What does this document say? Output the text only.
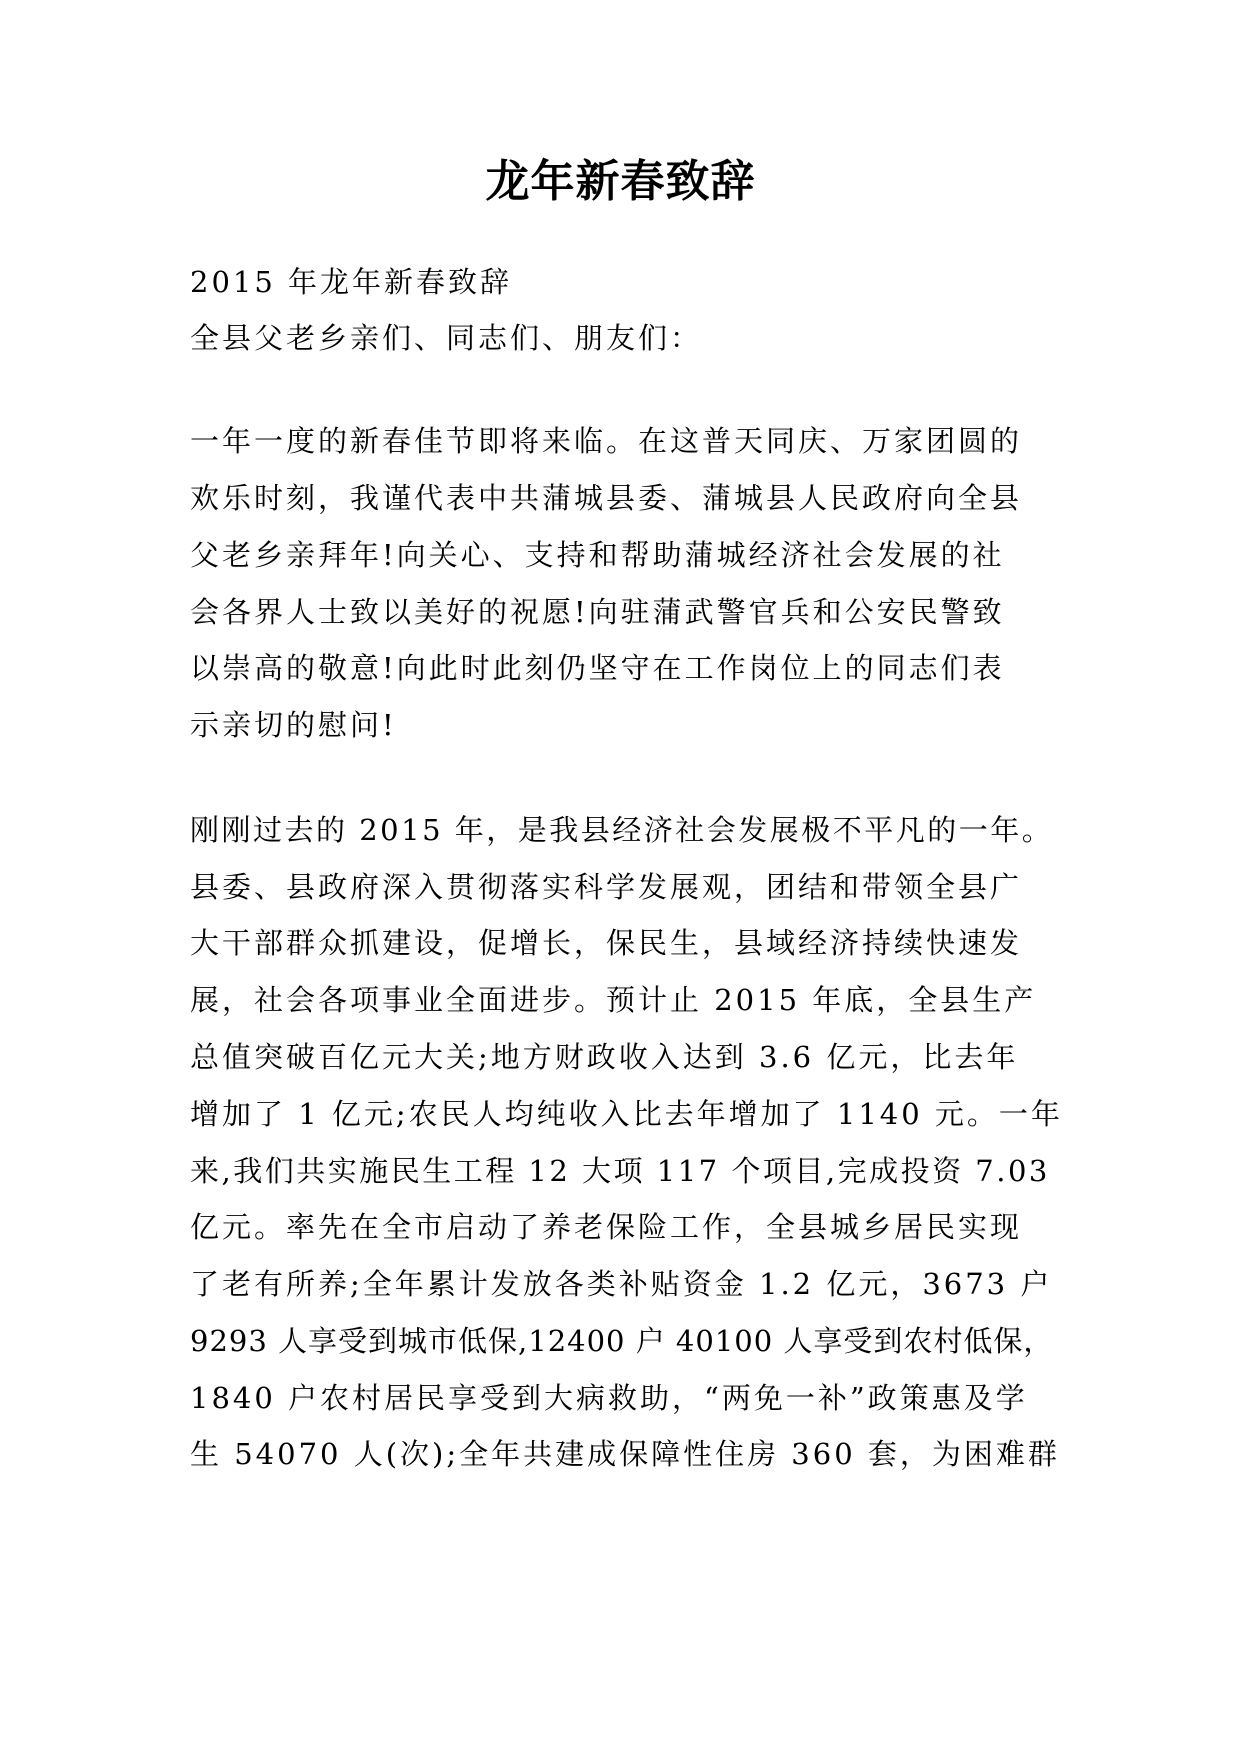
龙年新春致辞
2015 年龙年新春致辞
全县父老乡亲们、同志们、朋友们：
一年一度的新春佳节即将来临。在这普天同庆、万家团圆的
欢乐时刻，我谨代表中共蒲城县委、蒲城县人民政府向全县
父老乡亲拜年!向关心、支持和帮助蒲城经济社会发展的社
会各界人士致以美好的祝愿!向驻蒲武警官兵和公安民警致
以崇高的敬意!向此时此刻仍坚守在工作岗位上的同志们表
示亲切的慰问!
刚刚过去的 2015 年，是我县经济社会发展极不平凡的一年。
县委、县政府深入贯彻落实科学发展观，团结和带领全县广
大干部群众抓建设，促增长，保民生，县域经济持续快速发
展，社会各项事业全面进步。预计止 2015 年底，全县生产
总值突破百亿元大关;地方财政收入达到 3.6 亿元，比去年
增加了 1 亿元;农民人均纯收入比去年增加了 1140 元。一年
来,我们共实施民生工程 12 大项 117 个项目,完成投资 7.03
亿元。率先在全市启动了养老保险工作，全县城乡居民实现
了老有所养;全年累计发放各类补贴资金 1.2 亿元，3673 户
9293 人享受到城市低保,12400 户 40100 人享受到农村低保，
1840 户农村居民享受到大病救助，“两免一补”政策惠及学
生 54070 人(次);全年共建成保障性住房 360 套，为困难群
